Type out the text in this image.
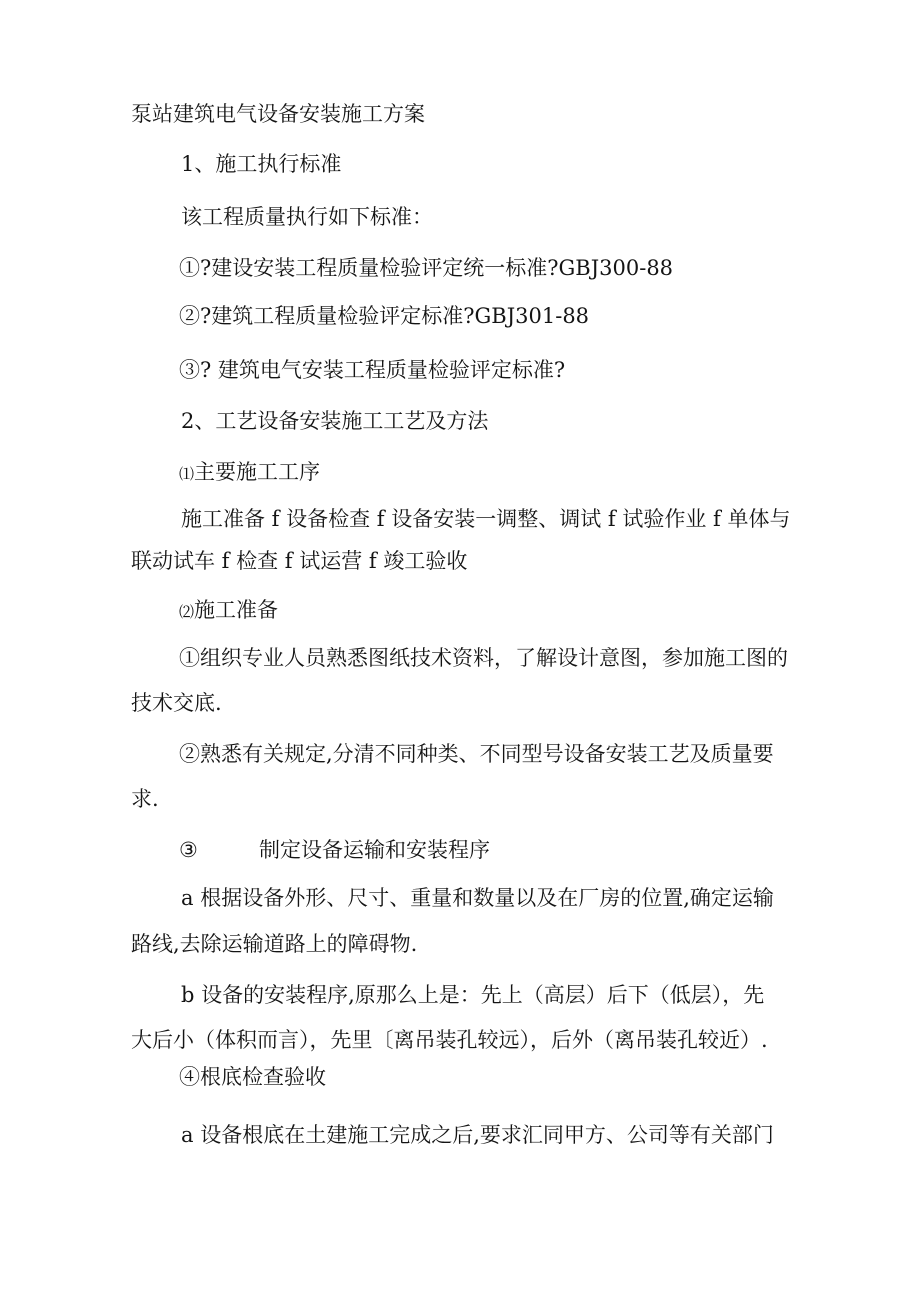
泵站建筑电气设备安装施工方案
1、施工执行标准
该工程质量执行如下标准：
①?建设安装工程质量检验评定统一标准?GBJ300-88
②?建筑工程质量检验评定标准?GBJ301-88
③? 建筑电气安装工程质量检验评定标准?
2、工艺设备安装施工工艺及方法
⑴主要施工工序
施工准备 f 设备检查 f 设备安装一调整、调试 f 试验作业 f 单体与
联动试车 f 检查 f 试运营 f 竣工验收
⑵施工准备
①组织专业人员熟悉图纸技术资料，了解设计意图，参加施工图的
技术交底.
②熟悉有关规定,分清不同种类、不同型号设备安装工艺及质量要
求.
③	制定设备运输和安装程序
a 根据设备外形、尺寸、重量和数量以及在厂房的位置,确定运输
路线,去除运输道路上的障碍物.
b 设备的安装程序,原那么上是：先上（高层）后下（低层），先
大后小（体积而言），先里〔离吊装孔较远），后外（离吊装孔较近）.
④根底检查验收
a 设备根底在土建施工完成之后,要求汇同甲方、公司等有关部门
